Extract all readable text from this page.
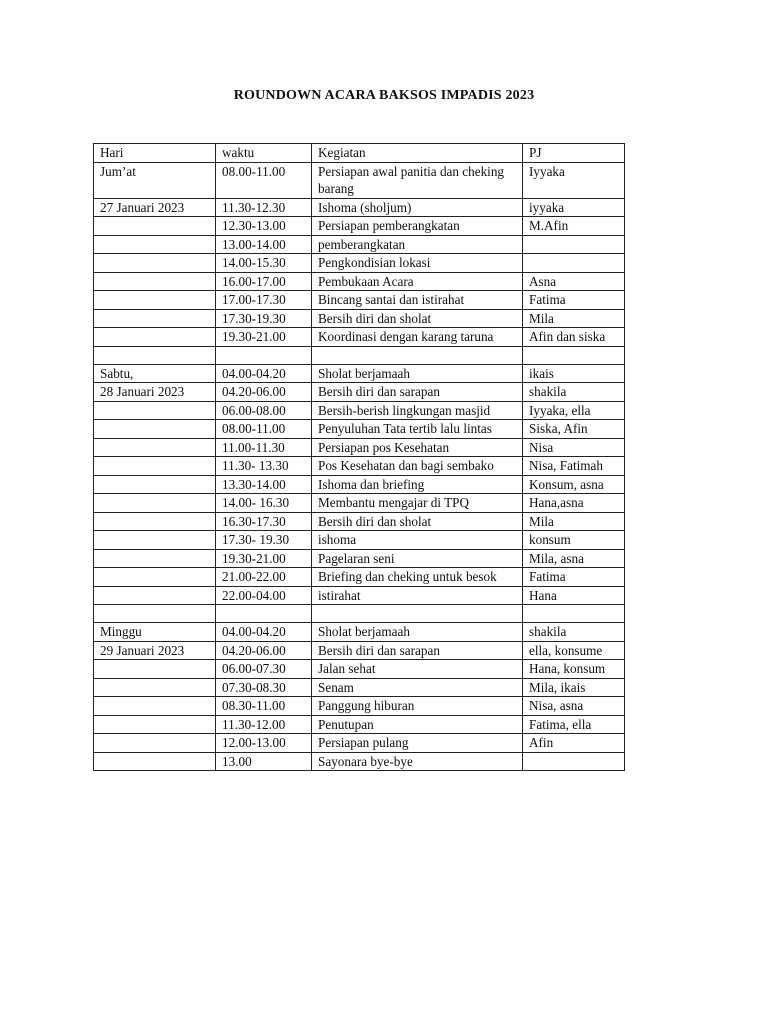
ROUNDOWN ACARA BAKSOS IMPADIS 2023
Hari	waktu	Kegiatan	PJ
Jum’at	08.00-11.00	Persiapan awal panitia dan cheking barang	Iyyaka
27 Januari 2023	11.30-12.30	Ishoma (sholjum)	iyyaka
	12.30-13.00	Persiapan pemberangkatan	M.Afin
	13.00-14.00	pemberangkatan	
	14.00-15.30	Pengkondisian lokasi	
	16.00-17.00	Pembukaan Acara	Asna
	17.00-17.30	Bincang santai dan istirahat	Fatima
	17.30-19.30	Bersih diri dan sholat	Mila
	19.30-21.00	Koordinasi dengan karang taruna	Afin dan siska

Sabtu,	04.00-04.20	Sholat berjamaah	ikais
28 Januari 2023	04.20-06.00	Bersih diri dan sarapan	shakila
	06.00-08.00	Bersih-berish lingkungan masjid	Iyyaka, ella
	08.00-11.00	Penyuluhan Tata tertib lalu lintas	Siska, Afin
	11.00-11.30	Persiapan pos Kesehatan	Nisa
	11.30- 13.30	Pos Kesehatan dan bagi sembako	Nisa, Fatimah
	13.30-14.00	Ishoma dan briefing	Konsum, asna
	14.00- 16.30	Membantu mengajar di TPQ	Hana,asna
	16.30-17.30	Bersih diri dan sholat	Mila
	17.30- 19.30	ishoma	konsum
	19.30-21.00	Pagelaran seni	Mila, asna
	21.00-22.00	Briefing dan cheking untuk besok	Fatima
	22.00-04.00	istirahat	Hana

Minggu	04.00-04.20	Sholat berjamaah	shakila
29 Januari 2023	04.20-06.00	Bersih diri dan sarapan	ella, konsume
	06.00-07.30	Jalan sehat	Hana, konsum
	07.30-08.30	Senam	Mila, ikais
	08.30-11.00	Panggung hiburan	Nisa, asna
	11.30-12.00	Penutupan	Fatima, ella
	12.00-13.00	Persiapan pulang	Afin
	13.00	Sayonara bye-bye	
